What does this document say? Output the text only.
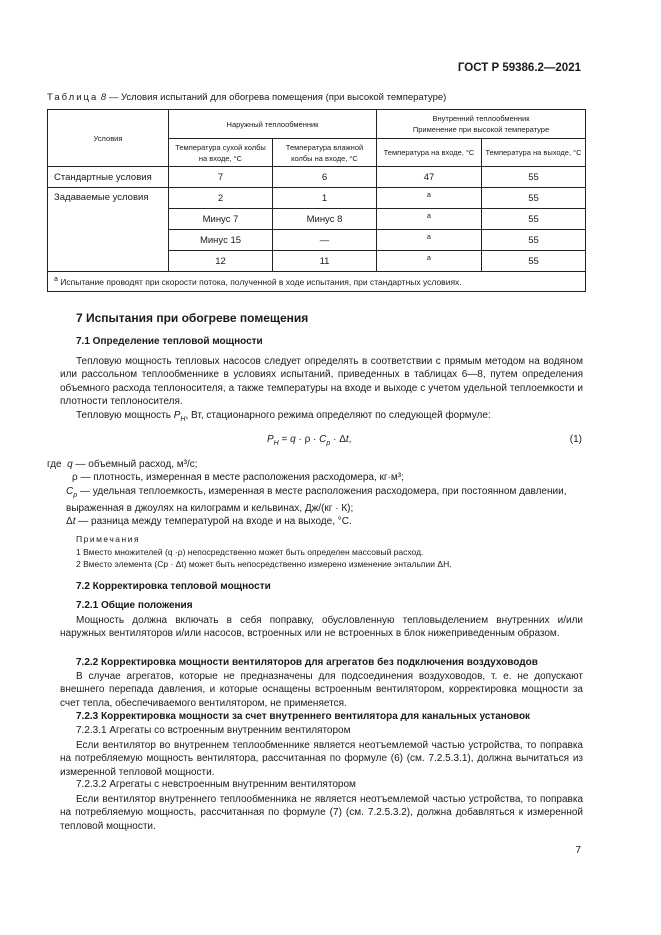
ГОСТ Р 59386.2—2021
Таблица 8 — Условия испытаний для обогрева помещения (при высокой температуре)
Условия	Наружный теплообменник		Внутренний теплообменник
Применение при высокой температуре	

	Температура сухой колбы на входе, °С	Температура влажной колбы на входе, °С	Температура на входе, °С	Температура на выходе, °С
Стандартные условия	7	6	47	55
Задаваемые условия	2	1	$^a$	55
	Минус 7	Минус 8	$^a$	55
	Минус 15	—	$^a$	55
	12	11	$^a$	55
$^a$ Испытание проводят при скорости потока, полученной в ходе испытания, при стандартных условиях.				
7 Испытания при обогреве помещения
7.1 Определение тепловой мощности
Тепловую мощность тепловых насосов следует определять в соответствии с прямым методом на водяном или рассольном теплообменнике в условиях испытаний, приведенных в таблицах 6—8, путем определения объемного расхода теплоносителя, а также температуры на входе и выходе с учетом удельной теплоемкости и плотности теплоносителя.
Тепловую мощность $P_H$, Вт, стационарного режима определяют по следующей формуле:
$P_H = q \cdot \rho \cdot C_p \cdot \Delta t$,	(1)
где q — объемный расход, м³/с;
ρ — плотность, измеренная в месте расположения расходомера, кг·м³;
$C_p$ — удельная теплоемкость, измеренная в месте расположения расходомера, при постоянном давлении, выраженная в джоулях на килограмм и кельвинах, Дж/(кг · К);
Δt — разница между температурой на входе и на выходе, °С.
Примечания
1 Вместо множителей (q ·ρ) непосредственно может быть определен массовый расход.
2 Вместо элемента (Cp · Δt) может быть непосредственно измерено изменение энтальпии ΔH.
7.2 Корректировка тепловой мощности
7.2.1 Общие положения
Мощность должна включать в себя поправку, обусловленную тепловыделением внутренних и/или наружных вентиляторов и/или насосов, встроенных или не встроенных в блок нижеприведенным образом.
7.2.2 Корректировка мощности вентиляторов для агрегатов без подключения воздуховодов
В случае агрегатов, которые не предназначены для подсоединения воздуховодов, т. е. не допускают внешнего перепада давления, и которые оснащены встроенным вентилятором, корректировка мощности за счет тепла, обеспечиваемого вентилятором, не применяется.
7.2.3 Корректировка мощности за счет внутреннего вентилятора для канальных установок
7.2.3.1 Агрегаты со встроенным внутренним вентилятором
Если вентилятор во внутреннем теплообменнике является неотъемлемой частью устройства, то поправка на потребляемую мощность вентилятора, рассчитанная по формуле (6) (см. 7.2.5.3.1), должна вычитаться из измеренной тепловой мощности.
7.2.3.2 Агрегаты с невстроенным внутренним вентилятором
Если вентилятор внутреннего теплообменника не является неотъемлемой частью устройства, то поправка на потребляемую мощность, рассчитанная по формуле (7) (см. 7.2.5.3.2), должна добавляться к измеренной тепловой мощности.
7
